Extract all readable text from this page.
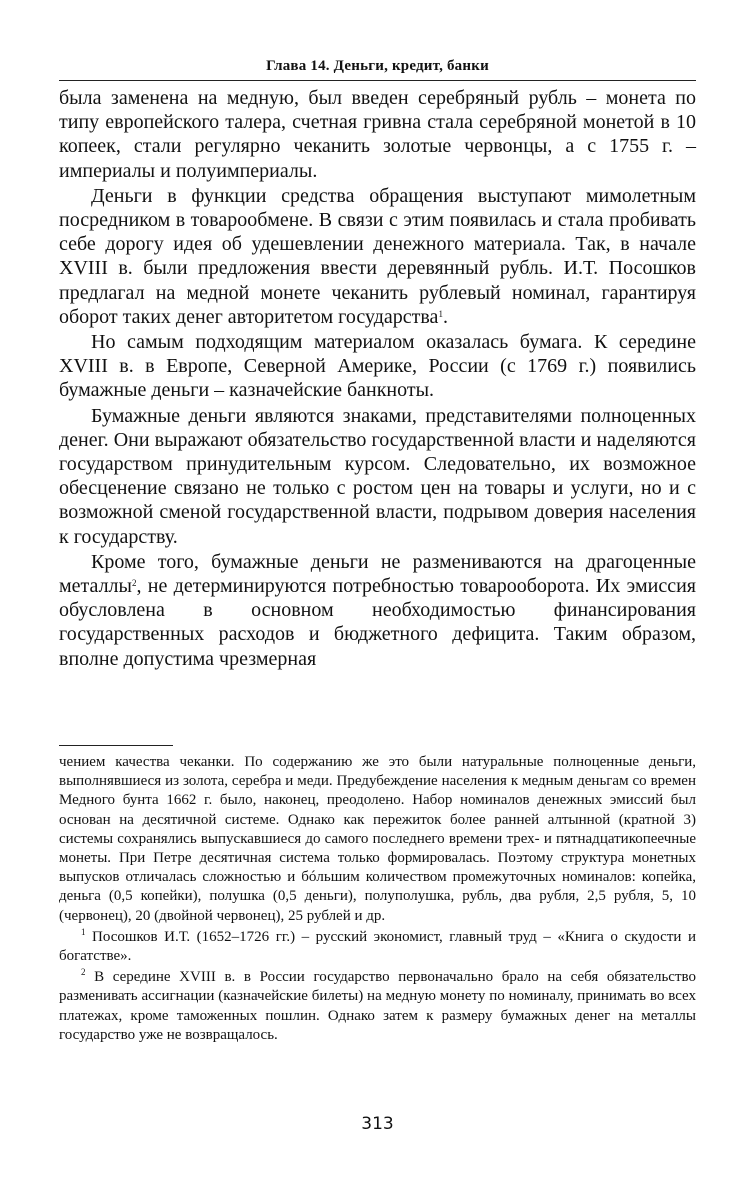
Глава 14. Деньги, кредит, банки

была заменена на медную, был введен серебряный рубль – монета по типу европейского талера, счетная гривна стала серебряной монетой в 10 копеек, стали регулярно чеканить золотые червонцы, а с 1755 г. – империалы и полуимпериалы.

Деньги в функции средства обращения выступают мимолетным посредником в товарообмене. В связи с этим появилась и стала пробивать себе дорогу идея об удешевлении денежного материала. Так, в начале XVIII в. были предложения ввести деревянный рубль. И.Т. Посошков предлагал на медной монете чеканить рублевый номинал, гарантируя оборот таких денег авторитетом государства$^1$.

Но самым подходящим материалом оказалась бумага. К середине XVIII в. в Европе, Северной Америке, России (с 1769 г.) появились бумажные деньги – казначейские банкноты.

Бумажные деньги являются знаками, представителями полноценных денег. Они выражают обязательство государственной власти и наделяются государством принудительным курсом. Следовательно, их возможное обесценение связано не только с ростом цен на товары и услуги, но и с возможной сменой государственной власти, подрывом доверия населения к государству.

Кроме того, бумажные деньги не размениваются на драгоценные металлы$^2$, не детерминируются потребностью товарооборота. Их эмиссия обусловлена в основном необходимостью финансирования государственных расходов и бюджетного дефицита. Таким образом, вполне допустима чрезмерная

чением качества чеканки. По содержанию же это были натуральные полноценные деньги, выполнявшиеся из золота, серебра и меди. Предубеждение населения к медным деньгам со времен Медного бунта 1662 г. было, наконец, преодолено. Набор номиналов денежных эмиссий был основан на десятичной системе. Однако как пережиток более ранней алтынной (кратной 3) системы сохранялись выпускавшиеся до самого последнего времени трех- и пятнадцатикопеечные монеты. При Петре десятичная система только формировалась. Поэтому структура монетных выпусков отличалась сложностью и бóльшим количеством промежуточных номиналов: копейка, деньга (0,5 копейки), полушка (0,5 деньги), полуполушка, рубль, два рубля, 2,5 рубля, 5, 10 (червонец), 20 (двойной червонец), 25 рублей и др.

$^1$ Посошков И.Т. (1652–1726 гг.) – русский экономист, главный труд – «Книга о скудости и богатстве».

$^2$ В середине XVIII в. в России государство первоначально брало на себя обязательство разменивать ассигнации (казначейские билеты) на медную монету по номиналу, принимать во всех платежах, кроме таможенных пошлин. Однако затем к размеру бумажных денег на металлы государство уже не возвращалось.

313
